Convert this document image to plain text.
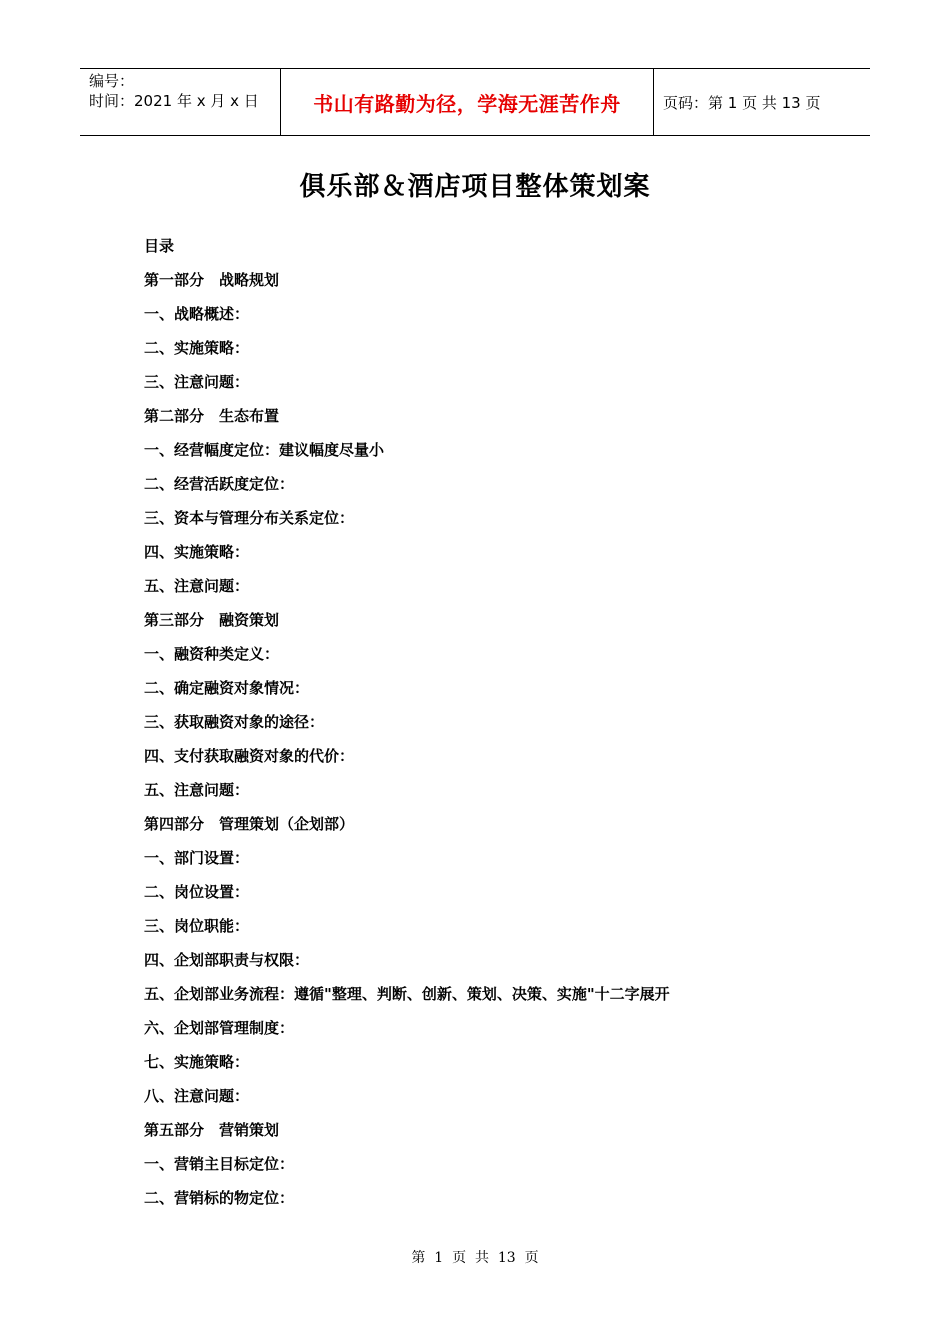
编号：
时间：2021 年 x 月 x 日	书山有路勤为径，学海无涯苦作舟	页码：第 1 页 共 13 页
俱乐部＆酒店项目整体策划案
目录
第一部分　战略规划
一、战略概述：
二、实施策略：
三、注意问题：
第二部分　生态布置
一、经营幅度定位：建议幅度尽量小
二、经营活跃度定位：
三、资本与管理分布关系定位：
四、实施策略：
五、注意问题：
第三部分　融资策划
一、融资种类定义：
二、确定融资对象情况：
三、获取融资对象的途径：
四、支付获取融资对象的代价：
五、注意问题：
第四部分　管理策划（企划部）
一、部门设置：
二、岗位设置：
三、岗位职能：
四、企划部职责与权限：
五、企划部业务流程：遵循"整理、判断、创新、策划、决策、实施"十二字展开
六、企划部管理制度：
七、实施策略：
八、注意问题：
第五部分　营销策划
一、营销主目标定位：
二、营销标的物定位：
第  1  页  共  13  页
